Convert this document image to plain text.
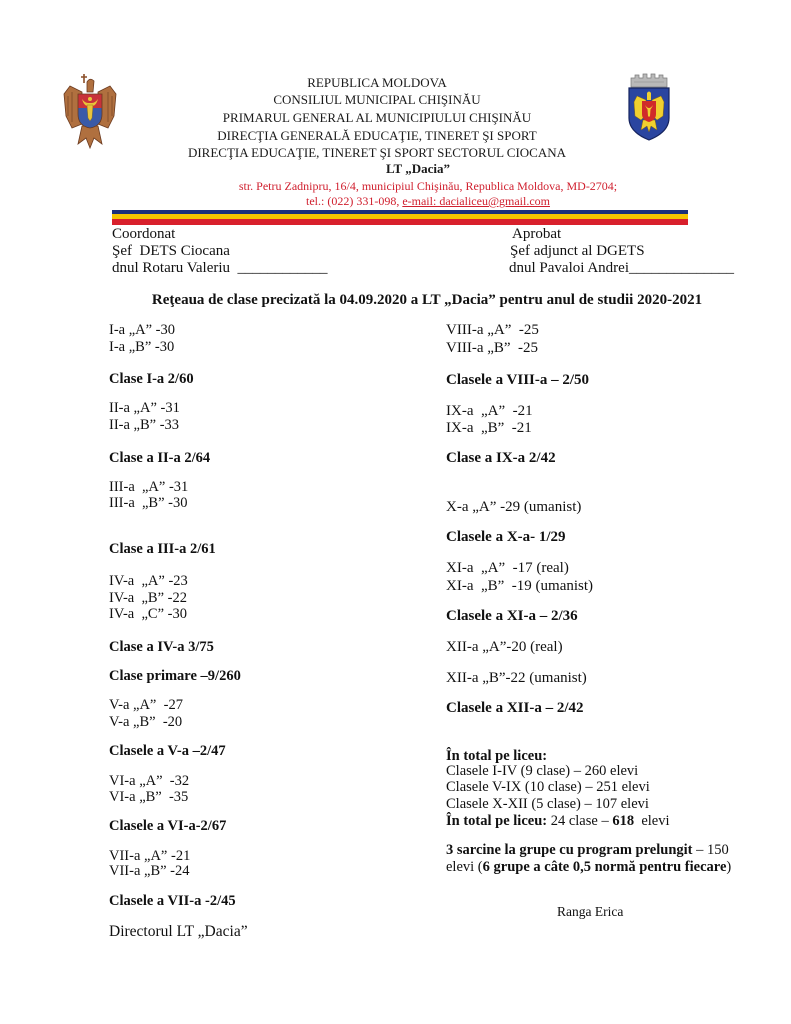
REPUBLICA MOLDOVA
CONSILIUL MUNICIPAL CHIŞINĂU
PRIMARUL GENERAL AL MUNICIPIULUI CHIŞINĂU
DIRECŢIA GENERALĂ EDUCAŢIE, TINERET ŞI SPORT
DIRECŢIA EDUCAŢIE, TINERET ŞI SPORT SECTORUL CIOCANA
LT „Dacia”
str. Petru Zadnipru, 16/4, municipiul Chişinău, Republica Moldova, MD-2704;
tel.: (022) 331-098, e-mail: dacialiceu@gmail.com
Coordonat
Şef  DETS Ciocana
dnul Rotaru Valeriu  ____________
Aprobat
Şef adjunct al DGETS
dnul Pavaloi Andrei______________
Reţeaua de clase precizată la 04.09.2020 a LT „Dacia” pentru anul de studii 2020-2021
I-a „A” -30
I-a „B” -30
Clase I-a 2/60
II-a „A” -31
II-a „B” -33
Clase a II-a 2/64
III-a  „A” -31
III-a  „B” -30
Clase a III-a 2/61
IV-a  „A” -23
IV-a  „B” -22
IV-a  „C” -30
Clase a IV-a 3/75
Clase primare –9/260
V-a „A”  -27
V-a „B”  -20
Clasele a V-a –2/47
VI-a „A”  -32
VI-a „B”  -35
Clasele a VI-a-2/67
VII-a „A” -21
VII-a „B” -24
Clasele a VII-a -2/45
Directorul LT „Dacia”
VIII-a „A”  -25
VIII-a „B”  -25
Clasele a VIII-a – 2/50
IX-a  „A”  -21
IX-a  „B”  -21
Clase a IX-a 2/42
X-a „A” -29 (umanist)
Clasele a X-a- 1/29
XI-a  „A”  -17 (real)
XI-a  „B”  -19 (umanist)
Clasele a XI-a – 2/36
XII-a „A”-20 (real)
XII-a „B”-22 (umanist)
Clasele a XII-a – 2/42
În total pe liceu:
Clasele I-IV (9 clase) – 260 elevi
Clasele V-IX (10 clase) – 251 elevi
Clasele X-XII (5 clase) – 107 elevi
În total pe liceu: 24 clase – 618  elevi
3 sarcine la grupe cu program prelungit – 150
elevi (6 grupe a câte 0,5 normă pentru fiecare)
Ranga Erica
